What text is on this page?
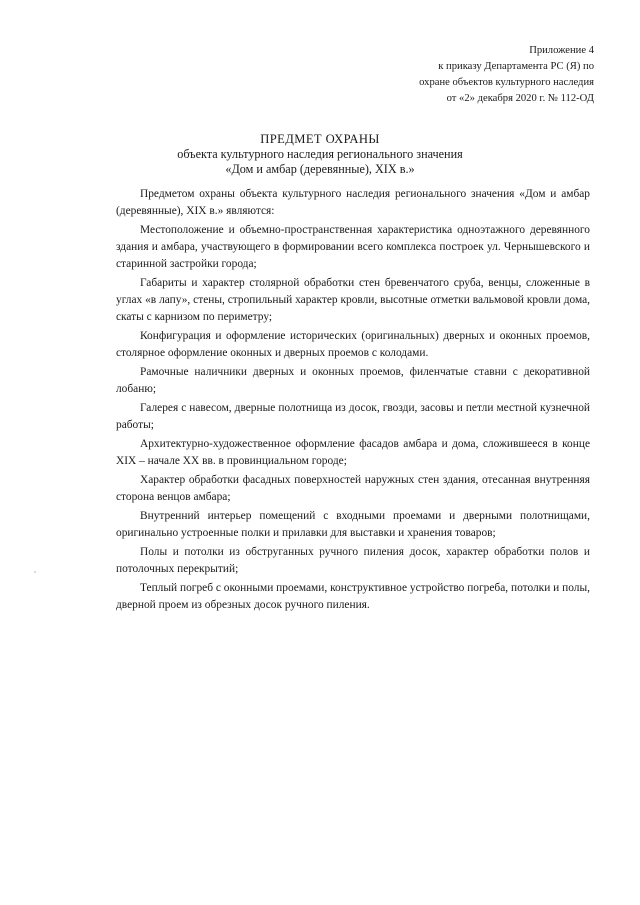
Приложение 4
к приказу Департамента РС (Я) по
охране объектов культурного наследия
от «2» декабря 2020 г. № 112-ОД
ПРЕДМЕТ ОХРАНЫ
объекта культурного наследия регионального значения
«Дом и амбар (деревянные), XIX в.»

Предметом охраны объекта культурного наследия регионального значения «Дом и амбар (деревянные), XIX в.» являются:

Местоположение и объемно-пространственная характеристика одноэтажного деревянного здания и амбара, участвующего в формировании всего комплекса построек ул. Чернышевского и старинной застройки города;

Габариты и характер столярной обработки стен бревенчатого сруба, венцы, сложенные в углах «в лапу», стены, стропильный характер кровли, высотные отметки вальмовой кровли дома, скаты с карнизом по периметру;

Конфигурация и оформление исторических (оригинальных) дверных и оконных проемов, столярное оформление оконных и дверных проемов с колодами.

Рамочные наличники дверных и оконных проемов, филенчатые ставни с декоративной лобаню;

Галерея с навесом, дверные полотнища из досок, гвозди, засовы и петли местной кузнечной работы;

Архитектурно-художественное оформление фасадов амбара и дома, сложившееся в конце XIX – начале XX вв. в провинциальном городе;

Характер обработки фасадных поверхностей наружных стен здания, отесанная внутренняя сторона венцов амбара;

Внутренний интерьер помещений с входными проемами и дверными полотнищами, оригинально устроенные полки и прилавки для выставки и хранения товаров;

Полы и потолки из обструганных ручного пиления досок, характер обработки полов и потолочных перекрытий;

Теплый погреб с оконными проемами, конструктивное устройство погреба, потолки и полы, дверной проем из обрезных досок ручного пиления.
